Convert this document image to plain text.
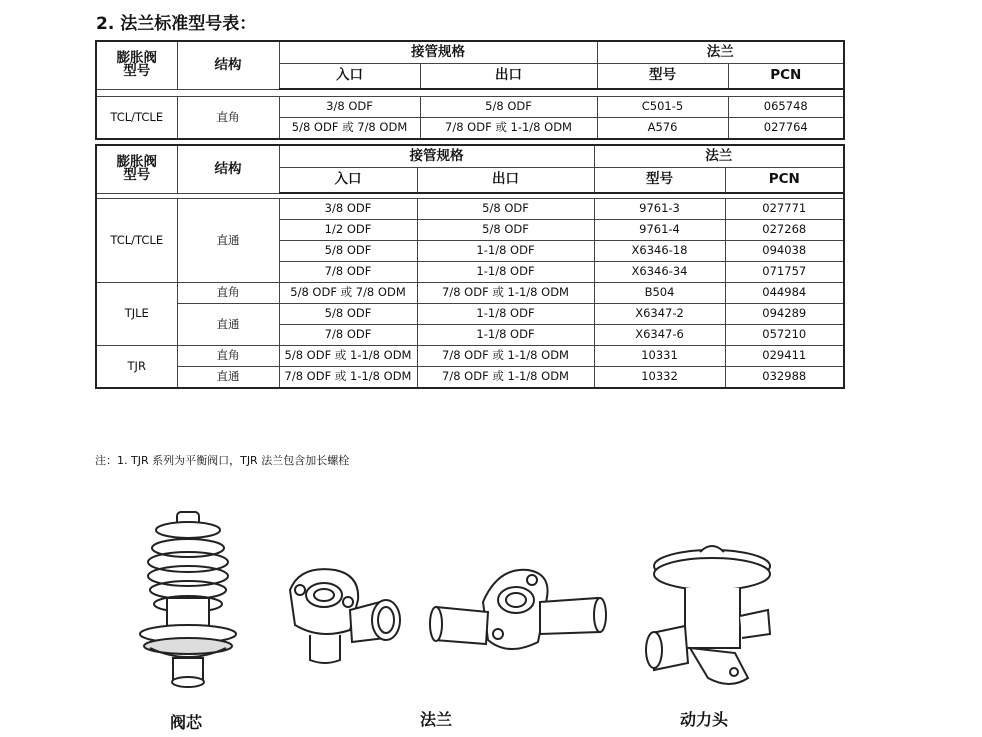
2. 法兰标准型号表：
膨胀阀
型号	结构	接管规格		法兰	
		入口	出口	型号	PCN

TCL/TCLE	直角	3/8 ODF	5/8 ODF	C501-5	065748
		5/8 ODF 或 7/8 ODM	7/8 ODF 或 1-1/8 ODM	A576	027764
膨胀阀
型号	结构	接管规格		法兰	
		入口	出口	型号	PCN

TCL/TCLE	直通	3/8 ODF	5/8 ODF	9761-3	027771
		1/2 ODF	5/8 ODF	9761-4	027268
		5/8 ODF	1-1/8 ODF	X6346-18	094038
		7/8 ODF	1-1/8 ODF	X6346-34	071757
TJLE	直角	5/8 ODF 或 7/8 ODM	7/8 ODF 或 1-1/8 ODM	B504	044984
	直通	5/8 ODF	1-1/8 ODF	X6347-2	094289
		7/8 ODF	1-1/8 ODF	X6347-6	057210
TJR	直角	5/8 ODF 或 1-1/8 ODM	7/8 ODF 或 1-1/8 ODM	10331	029411
	直通	7/8 ODF 或 1-1/8 ODM	7/8 ODF 或 1-1/8 ODM	10332	032988
注：1. TJR 系列为平衡阀口，TJR 法兰包含加长螺栓
阀芯	法兰	动力头
